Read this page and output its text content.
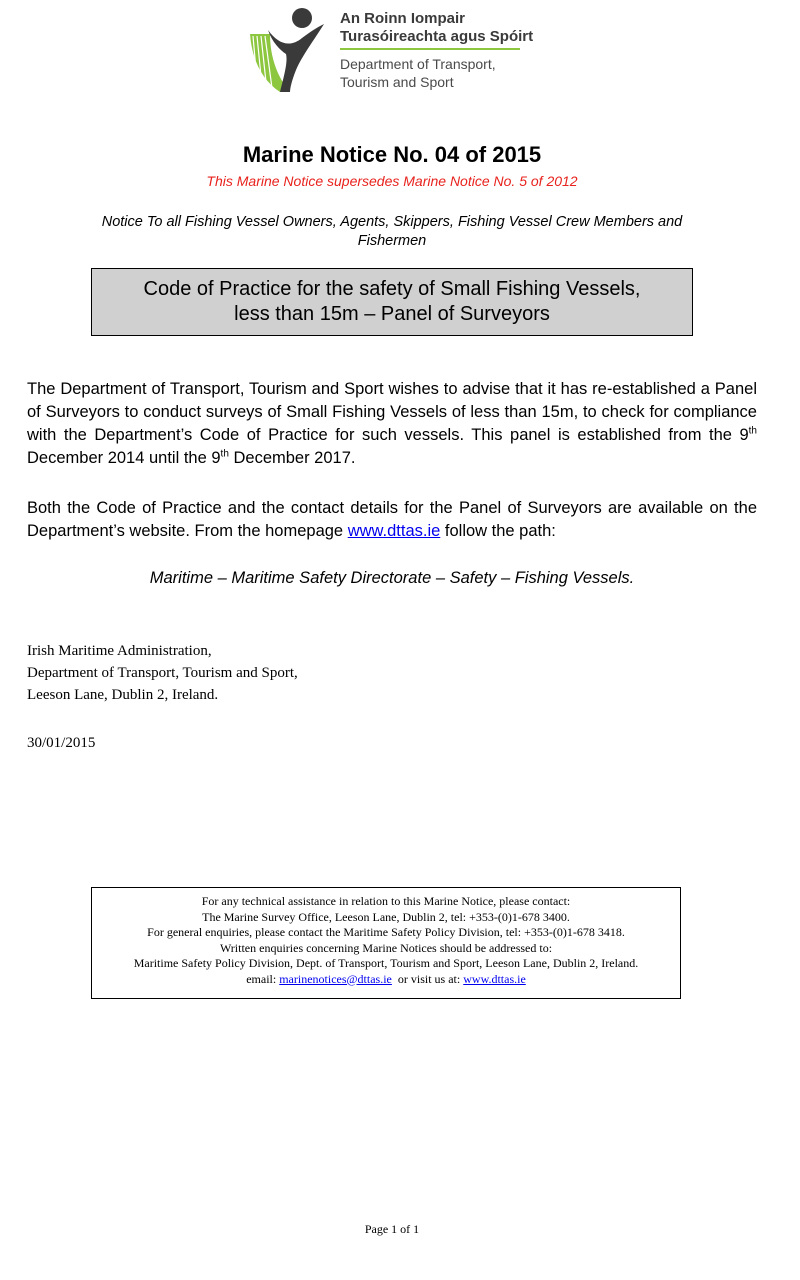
An Roinn Iompair
Turasóireachta agus Spóirt
Department of Transport,
Tourism and Sport
Marine Notice No. 04 of 2015
This Marine Notice supersedes Marine Notice No. 5 of 2012
Notice To all Fishing Vessel Owners, Agents, Skippers, Fishing Vessel Crew Members and
Fishermen
Code of Practice for the safety of Small Fishing Vessels,
less than 15m – Panel of Surveyors
The Department of Transport, Tourism and Sport wishes to advise that it has re-established a Panel of Surveyors to conduct surveys of Small Fishing Vessels of less than 15m, to check for compliance with the Department’s Code of Practice for such vessels. This panel is established from the 9th December 2014 until the 9th December 2017.
Both the Code of Practice and the contact details for the Panel of Surveyors are available on the Department’s website. From the homepage www.dttas.ie follow the path:
Maritime – Maritime Safety Directorate – Safety – Fishing Vessels.
Irish Maritime Administration,
Department of Transport, Tourism and Sport,
Leeson Lane, Dublin 2, Ireland.
30/01/2015
For any technical assistance in relation to this Marine Notice, please contact:
The Marine Survey Office, Leeson Lane, Dublin 2, tel: +353-(0)1-678 3400.
For general enquiries, please contact the Maritime Safety Policy Division, tel: +353-(0)1-678 3418.
Written enquiries concerning Marine Notices should be addressed to:
Maritime Safety Policy Division, Dept. of Transport, Tourism and Sport, Leeson Lane, Dublin 2, Ireland.
email: marinenotices@dttas.ie  or visit us at: www.dttas.ie
Page 1 of 1
